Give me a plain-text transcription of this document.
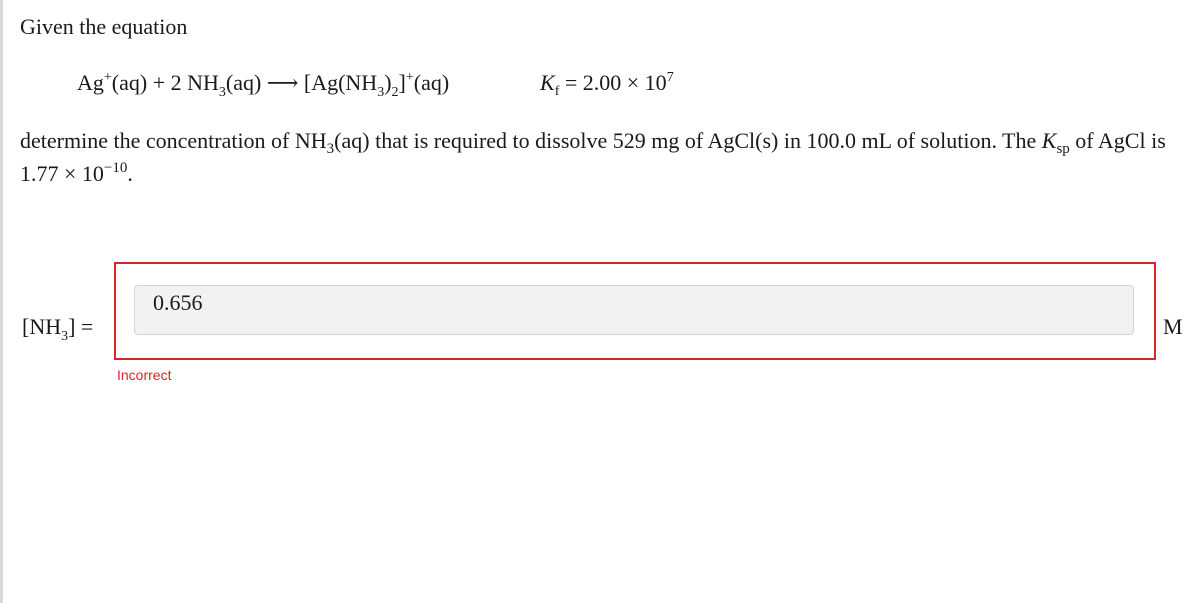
Given the equation
Ag+(aq) + 2 $NH_3(aq)$ ⟶ $[Ag(NH_3)_2]^+(aq)$	$K_f = 2.00 \times 10^7$
determine the concentration of $NH_3(aq)$ that is required to dissolve 529 mg of AgCl(s) in 100.0 mL of solution. The $K_{sp}$ of AgCl is $1.77 \times 10^{-10}$.
$[NH_3]$ =
0.656	M
Incorrect
